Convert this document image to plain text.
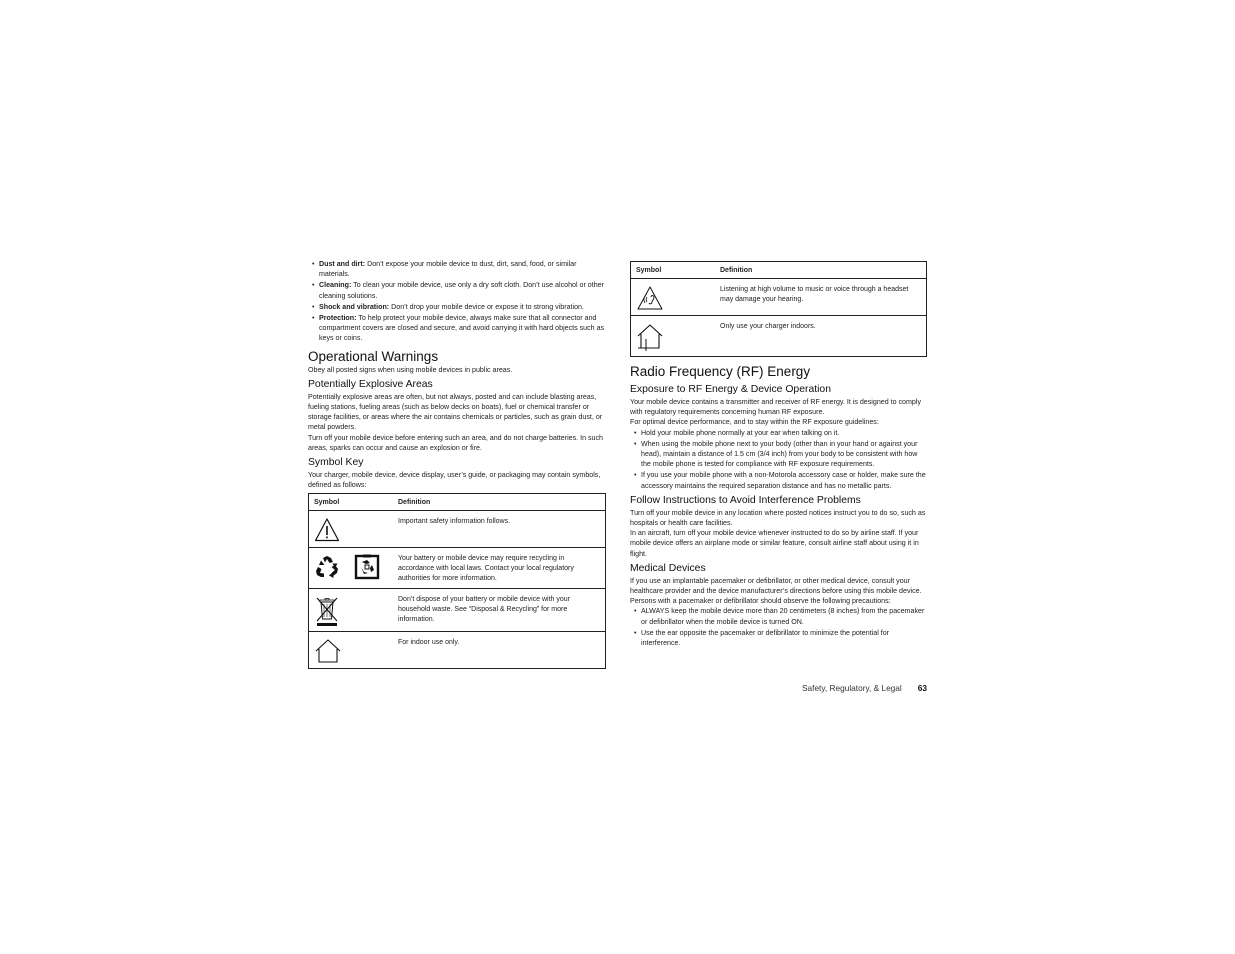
• Dust and dirt: Don’t expose your mobile device to dust, dirt, sand, food, or similar materials.
• Cleaning: To clean your mobile device, use only a dry soft cloth. Don’t use alcohol or other cleaning solutions.
• Shock and vibration: Don’t drop your mobile device or expose it to strong vibration.
• Protection: To help protect your mobile device, always make sure that all connector and compartment covers are closed and secure, and avoid carrying it with hard objects such as keys or coins.
Operational Warnings

Obey all posted signs when using mobile devices in public areas.

Potentially Explosive Areas

Potentially explosive areas are often, but not always, posted and can include blasting areas, fueling stations, fueling areas (such as below decks on boats), fuel or chemical transfer or storage facilities, or areas where the air contains chemicals or particles, such as grain dust, or metal powders.

Turn off your mobile device before entering such an area, and do not charge batteries. In such areas, sparks can occur and cause an explosion or fire.

Symbol Key

Your charger, mobile device, device display, user’s guide, or packaging may contain symbols, defined as follows:

Symbol	Definition

	Important safety information follows.

	Your battery or mobile device may require recycling in accordance with local laws. Contact your local regulatory authorities for more information.

	Don’t dispose of your battery or mobile device with your household waste. See “Disposal & Recycling” for more information.

	For indoor use only.
Symbol	Definition

	Listening at high volume to music or voice through a headset may damage your hearing.

	Only use your charger indoors.
Radio Frequency (RF) Energy
Exposure to RF Energy & Device Operation

Your mobile device contains a transmitter and receiver of RF energy. It is designed to comply with regulatory requirements concerning human RF exposure.

For optimal device performance, and to stay within the RF exposure guidelines:

• Hold your mobile phone normally at your ear when talking on it.
• When using the mobile phone next to your body (other than in your hand or against your head), maintain a distance of 1.5 cm (3/4 inch) from your body to be consistent with how the mobile phone is tested for compliance with RF exposure requirements.
• If you use your mobile phone with a non-Motorola accessory case or holder, make sure the accessory maintains the required separation distance and has no metallic parts.
Follow Instructions to Avoid Interference Problems

Turn off your mobile device in any location where posted notices instruct you to do so, such as hospitals or health care facilities.

In an aircraft, turn off your mobile device whenever instructed to do so by airline staff. If your mobile device offers an airplane mode or similar feature, consult airline staff about using it in flight.

Medical Devices

If you use an implantable pacemaker or defibrillator, or other medical device, consult your healthcare provider and the device manufacturer’s directions before using this mobile device.

Persons with a pacemaker or defibrillator should observe the following precautions:

• ALWAYS keep the mobile device more than 20 centimeters (8 inches) from the pacemaker or defibrillator when the mobile device is turned ON.
• Use the ear opposite the pacemaker or defibrillator to minimize the potential for interference.
Safety, Regulatory, & Legal 63
